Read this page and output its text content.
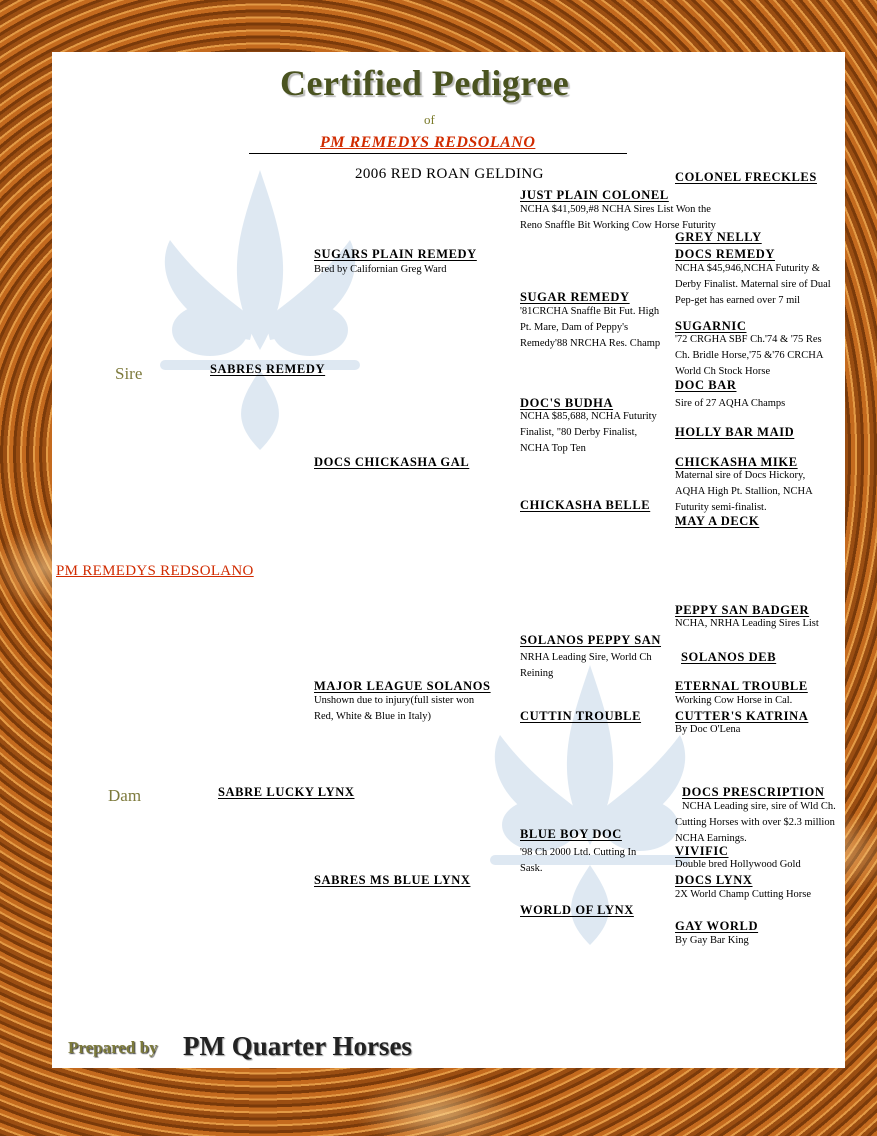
Certified Pedigree
of
PM REMEDYS REDSOLANO
2006 RED ROAN GELDING
Sire	SABRES REMEDY
SUGARS PLAIN REMEDY
Bred by Californian Greg Ward
JUST PLAIN COLONEL
NCHA $41,509,#8 NCHA Sires List Won the Reno Snaffle Bit Working Cow Horse Futurity
COLONEL FRECKLES
GREY NELLY
SUGAR REMEDY
'81CRCHA Snaffle Bit Fut. High Pt. Mare, Dam of Peppy's Remedy'88 NRCHA Res. Champ
DOCS REMEDY
NCHA $45,946,NCHA Futurity & Derby Finalist. Maternal sire of Dual Pep-get has earned over 7 mil
SUGARNIC
'72 CRGHA SBF Ch.'74 & '75 Res Ch. Bridle Horse,'75 &'76 CRCHA World Ch Stock Horse
DOCS CHICKASHA GAL
DOC'S BUDHA
NCHA $85,688, NCHA Futurity Finalist, "80 Derby Finalist, NCHA Top Ten
DOC BAR
Sire of 27 AQHA Champs
HOLLY BAR MAID
CHICKASHA BELLE
CHICKASHA MIKE
Maternal sire of Docs Hickory, AQHA High Pt. Stallion, NCHA Futurity semi-finalist.
MAY A DECK
PM REMEDYS REDSOLANO
PEPPY SAN BADGER
NCHA, NRHA Leading Sires List
SOLANOS PEPPY SAN
NRHA Leading Sire, World Ch Reining
SOLANOS DEB
MAJOR LEAGUE SOLANOS
Unshown due to injury(full sister won Red, White & Blue in Italy)
ETERNAL TROUBLE
Working Cow Horse in Cal.
CUTTIN TROUBLE	CUTTER'S KATRINA
By Doc O'Lena
Dam	SABRE LUCKY LYNX	DOCS PRESCRIPTION
NCHA Leading sire, sire of Wld Ch. Cutting Horses with over $2.3 million NCHA Earnings.
BLUE BOY DOC
'98 Ch 2000 Ltd. Cutting In Sask.
VIVIFIC
Double bred Hollywood Gold
SABRES MS BLUE LYNX	DOCS LYNX
2X World Champ Cutting Horse
WORLD OF LYNX
GAY WORLD
By Gay Bar King
Prepared by PM Quarter Horses
